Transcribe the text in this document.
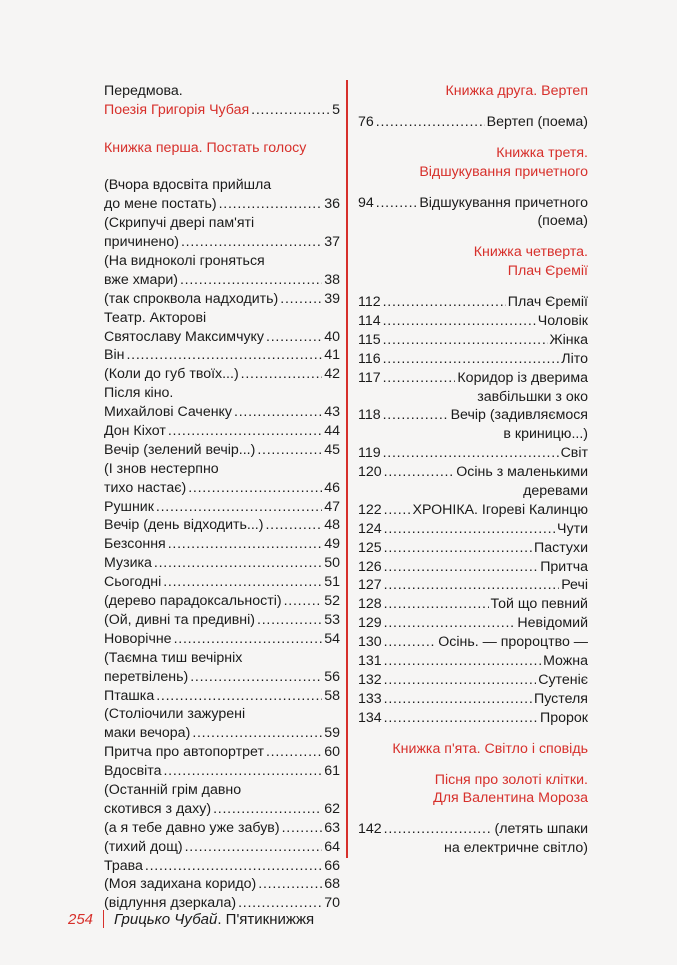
Передмова.
Поезія Григорія Чубая . . .	5
Книжка перша. Постать голосу
(Вчора вдосвіта прийшла
до мене постать) . . .	36
(Скрипучі двері пам'яті
причинено) . . .	37
(На видноколі гроняться
вже хмари) . . .	38
(так спроквола надходить) . . .	39
Театр. Акторові
Святославу Максимчуку . . .	40
Він . . .	41
(Коли до губ твоїх...) . . .	42
Після кіно.
Михайлові Саченку . . .	43
Дон Кіхот . . .	44
Вечір (зелений вечір...) . . .	45
(І знов нестерпно
тихо настає) . . .	46
Рушник . . .	47
Вечір (день відходить...) . . .	48
Безсоння . . .	49
Музика . . .	50
Сьогодні . . .	51
(дерево парадоксальності) . . .	52
(Ой, дивні та предивні) . . .	53
Новорічне . . .	54
(Таємна тиш вечірніх
перетвілень) . . .	56
Пташка . . .	58
(Століочили зажурені
маки вечора) . . .	59
Притча про автопортрет . . .	60
Вдосвіта . . .	61
(Останній грім давно
скотився з даху) . . .	62
(а я тебе давно уже забув) . . .	63
(тихий дощ) . . .	64
Трава . . .	66
(Моя задихана коридо) . . .	68
(відлуння дзеркала) . . .	70
Книжка друга. Вертеп
76 . . .	Вертеп (поема)
Книжка третя.
Відшукування причетного
94 . . .	Відшукування причетного
(поема)
Книжка четверта.
Плач Єремії
112 . . .	Плач Єремії
114 . . .	Чоловік
115 . . .	Жінка
116 . . .	Літо
117 . . .	Коридор із дверима
завбільшки з око
118 . . .	Вечір (задивляємося
в криницю...)
119 . . .	Світ
120 . . .	Осінь з маленькими
деревами
122 . . . ХРОНІКА. Ігореві Калинцю
124 . . .	Чути
125 . . .	Пастухи
126 . . .	Притча
127 . . .	Речі
128 . . .	Той що певний
129 . . .	Невідомий
130 . . .	Осінь. — пророцтво —
131 . . .	Можна
132 . . .	Сутеніє
133 . . .	Пустеля
134 . . .	Пророк
Книжка п'ята. Світло і сповідь
Пісня про золоті клітки.
Для Валентина Мороза
142 . . .	(летять шпаки
на електричне світло)
254 Грицько Чубай . П'ятикнижжя
